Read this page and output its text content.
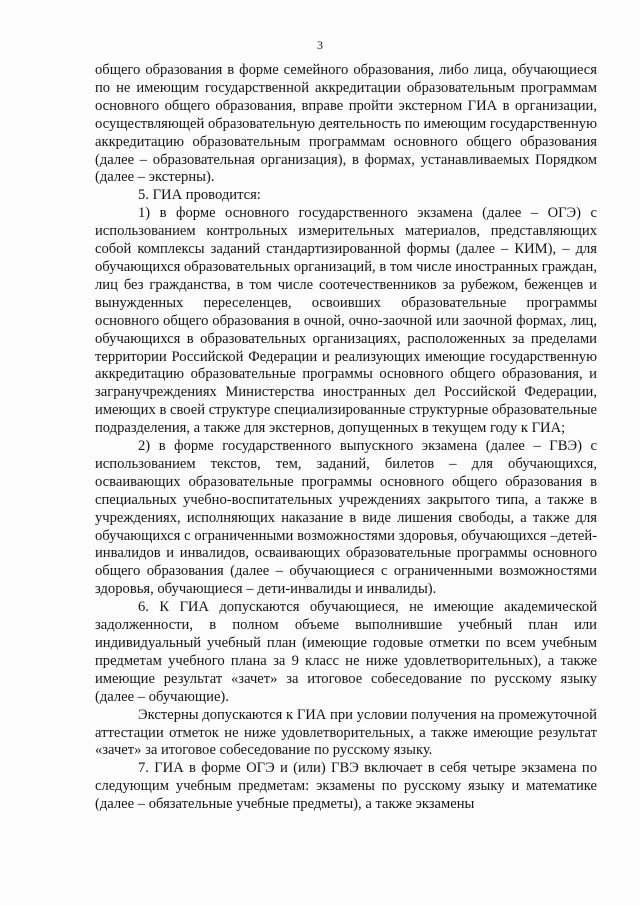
3

общего образования в форме семейного образования, либо лица, обучающиеся по не имеющим государственной аккредитации образовательным программам основного общего образования, вправе пройти экстерном ГИА в организации, осуществляющей образовательную деятельность по имеющим государственную аккредитацию образовательным программам основного общего образования (далее – образовательная организация), в формах, устанавливаемых Порядком (далее – экстерны).

5. ГИА проводится:

1) в форме основного государственного экзамена (далее – ОГЭ) с использованием контрольных измерительных материалов, представляющих собой комплексы заданий стандартизированной формы (далее – КИМ), – для обучающихся образовательных организаций, в том числе иностранных граждан, лиц без гражданства, в том числе соотечественников за рубежом, беженцев и вынужденных переселенцев, освоивших образовательные программы основного общего образования в очной, очно-заочной или заочной формах, лиц, обучающихся в образовательных организациях, расположенных за пределами территории Российской Федерации и реализующих имеющие государственную аккредитацию образовательные программы основного общего образования, и загранучреждениях Министерства иностранных дел Российской Федерации, имеющих в своей структуре специализированные структурные образовательные подразделения, а также для экстернов, допущенных в текущем году к ГИА;

2) в форме государственного выпускного экзамена (далее – ГВЭ) с использованием текстов, тем, заданий, билетов – для обучающихся, осваивающих образовательные программы основного общего образования в специальных учебно-воспитательных учреждениях закрытого типа, а также в учреждениях, исполняющих наказание в виде лишения свободы, а также для обучающихся с ограниченными возможностями здоровья, обучающихся –детей-инвалидов и инвалидов, осваивающих образовательные программы основного общего образования (далее – обучающиеся с ограниченными возможностями здоровья, обучающиеся – дети-инвалиды и инвалиды).

6. К ГИА допускаются обучающиеся, не имеющие академической задолженности, в полном объеме выполнившие учебный план или индивидуальный учебный план (имеющие годовые отметки по всем учебным предметам учебного плана за 9 класс не ниже удовлетворительных), а также имеющие результат «зачет» за итоговое собеседование по русскому языку (далее – обучающие).

Экстерны допускаются к ГИА при условии получения на промежуточной аттестации отметок не ниже удовлетворительных, а также имеющие результат «зачет» за итоговое собеседование по русскому языку.

7. ГИА в форме ОГЭ и (или) ГВЭ включает в себя четыре экзамена по следующим учебным предметам: экзамены по русскому языку и математике (далее – обязательные учебные предметы), а также экзамены
